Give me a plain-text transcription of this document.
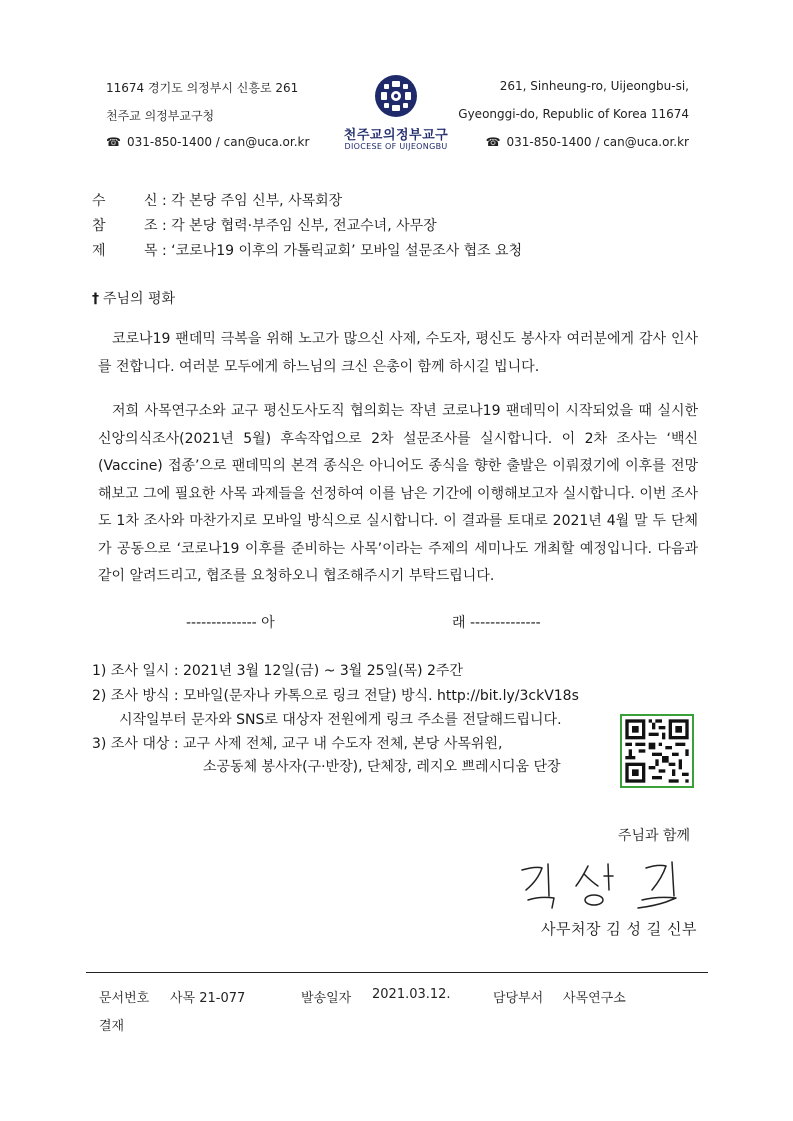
11674 경기도 의정부시 신흥로 261
천주교 의정부교구청
☎ 031-850-1400 / can@uca.or.kr	천주교의정부교구
DIOCESE OF UIJEONGBU
261, Sinheung-ro, Uijeongbu-si,
Gyeonggi-do, Republic of Korea 11674
☎ 031-850-1400 / can@uca.or.kr
수	신 : 각 본당 주임 신부, 사목회장
참	조 : 각 본당 협력·부주임 신부, 전교수녀, 사무장
제	목 : ‘코로나19 이후의 가톨릭교회’ 모바일 설문조사 협조 요청
† 주님의 평화
코로나19 팬데믹 극복을 위해 노고가 많으신 사제, 수도자, 평신도 봉사자 여러분에게 감사 인사를 전합니다. 여러분 모두에게 하느님의 크신 은총이 함께 하시길 빕니다.
저희 사목연구소와 교구 평신도사도직 협의회는 작년 코로나19 팬데믹이 시작되었을 때 실시한 신앙의식조사(2021년 5월) 후속작업으로 2차 설문조사를 실시합니다. 이 2차 조사는 ‘백신(Vaccine) 접종’으로 팬데믹의 본격 종식은 아니어도 종식을 향한 출발은 이뤄졌기에 이후를 전망해보고 그에 필요한 사목 과제들을 선정하여 이를 남은 기간에 이행해보고자 실시합니다. 이번 조사도 1차 조사와 마찬가지로 모바일 방식으로 실시합니다. 이 결과를 토대로 2021년 4월 말 두 단체가 공동으로 ‘코로나19 이후를 준비하는 사목’이라는 주제의 세미나도 개최할 예정입니다. 다음과 같이 알려드리고, 협조를 요청하오니 협조해주시기 부탁드립니다.
-------------- 아	래 --------------
1) 조사 일시 : 2021년 3월 12일(금) ~ 3월 25일(목) 2주간
2) 조사 방식 : 모바일(문자나 카톡으로 링크 전달) 방식. http://bit.ly/3ckV18s
시작일부터 문자와 SNS로 대상자 전원에게 링크 주소를 전달해드립니다.
3) 조사 대상 : 교구 사제 전체, 교구 내 수도자 전체, 본당 사목위원,
소공동체 봉사자(구·반장), 단체장, 레지오 쁘레시디움 단장
주님과 함께
사무처장 김 성 길 신부
문서번호 사목 21-077	발송일자 2021.03.12.	담당부서 사목연구소
결재
